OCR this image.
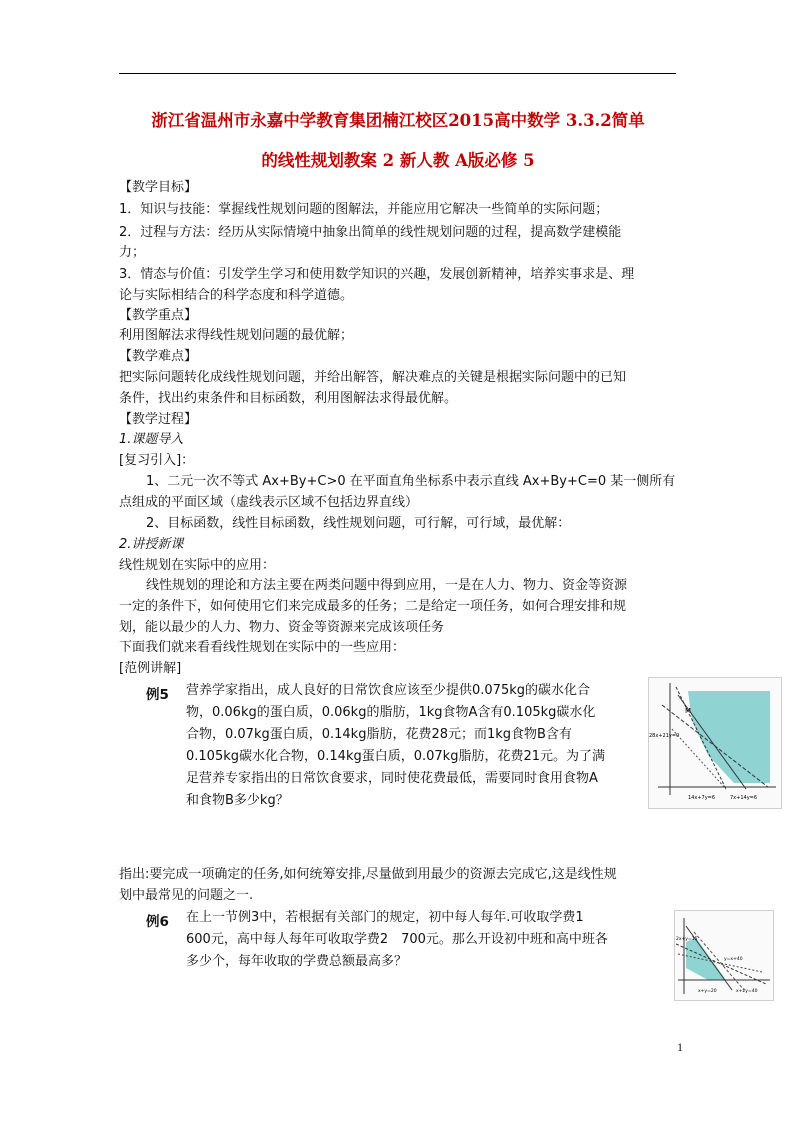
浙江省温州市永嘉中学教育集团楠江校区2015高中数学 3.3.2简单
的线性规划教案 2 新人教 A版必修 5
【教学目标】
1．知识与技能：掌握线性规划问题的图解法，并能应用它解决一些简单的实际问题；
2．过程与方法：经历从实际情境中抽象出简单的线性规划问题的过程，提高数学建模能
力；
3．情态与价值：引发学生学习和使用数学知识的兴趣，发展创新精神，培养实事求是、理
论与实际相结合的科学态度和科学道德。
【教学重点】
利用图解法求得线性规划问题的最优解；
【教学难点】
把实际问题转化成线性规划问题，并给出解答，解决难点的关键是根据实际问题中的已知
条件，找出约束条件和目标函数，利用图解法求得最优解。
【教学过程】
1.课题导入
[复习引入]：
1、二元一次不等式 Ax+By+C>0 在平面直角坐标系中表示直线 Ax+By+C=0 某一侧所有
点组成的平面区域（虚线表示区域不包括边界直线）
2、目标函数，线性目标函数，线性规划问题，可行解，可行域，最优解：
2.讲授新课
线性规划在实际中的应用：
线性规划的理论和方法主要在两类问题中得到应用，一是在人力、物力、资金等资源
一定的条件下，如何使用它们来完成最多的任务；二是给定一项任务，如何合理安排和规
划，能以最少的人力、物力、资金等资源来完成该项任务
下面我们就来看看线性规划在实际中的一些应用：
[范例讲解]
例5 营养学家指出，成人良好的日常饮食应该至少提供0.075kg的碳水化合
物，0.06kg的蛋白质，0.06kg的脂肪，1kg食物A含有0.105kg碳水化
合物，0.07kg蛋白质，0.14kg脂肪，花费28元；而1kg食物B含有
0.105kg碳水化合物，0.14kg蛋白质，0.07kg脂肪，花费21元。为了满
足营养专家指出的日常饮食要求，同时使花费最低，需要同时食用食物A
和食物B多少kg？
M
28x+21y=0
14x+7y=6	7x+14y=6
指出:要完成一项确定的任务,如何统筹安排,尽量做到用最少的资源去完成它,这是线性规
划中最常见的问题之一.
例6 在上一节例3中，若根据有关部门的规定，初中每人每年.可收取学费1
600元，高中每人每年可收取学费2　700元。那么开设初中班和高中班各
多少个，每年收取的学费总额最高多？
2x+y=15
x+y=20
y=x+40
x+2y=40
1
